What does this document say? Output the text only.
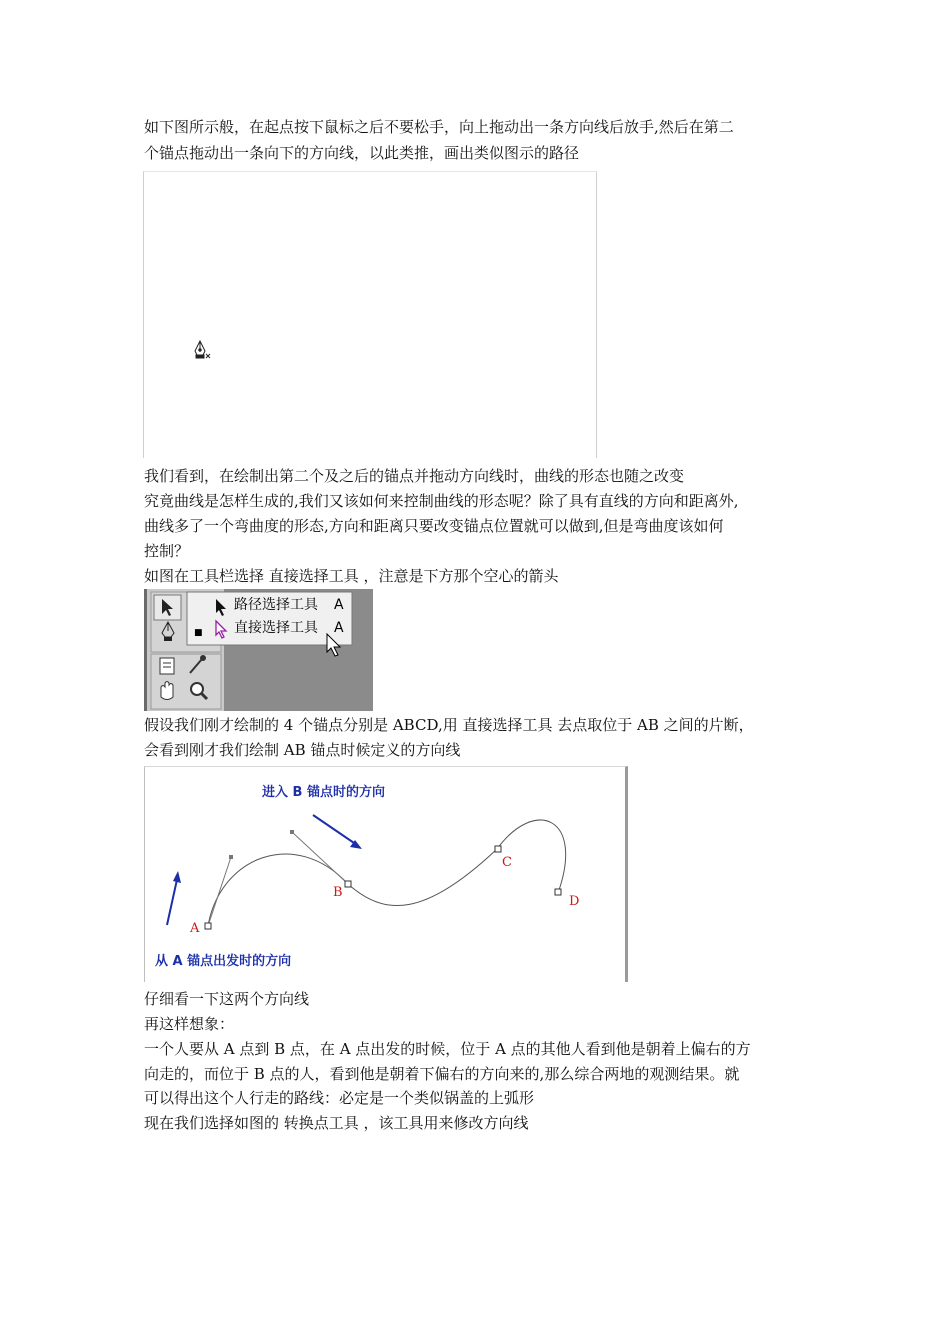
如下图所示般，在起点按下鼠标之后不要松手，向上拖动出一条方向线后放手,然后在第二
个锚点拖动出一条向下的方向线，以此类推，画出类似图示的路径
我们看到，在绘制出第二个及之后的锚点并拖动方向线时，曲线的形态也随之改变
究竟曲线是怎样生成的,我们又该如何来控制曲线的形态呢？除了具有直线的方向和距离外,
曲线多了一个弯曲度的形态,方向和距离只要改变锚点位置就可以做到,但是弯曲度该如何
控制？
如图在工具栏选择 直接选择工具 ，注意是下方那个空心的箭头
路径选择工具 A
■ 直接选择工具 A
假设我们刚才绘制的 4 个锚点分别是 ABCD,用 直接选择工具 去点取位于 AB 之间的片断，
会看到刚才我们绘制 AB 锚点时候定义的方向线
A
B
C
D
进入 B 锚点时的方向
从 A 锚点出发时的方向
仔细看一下这两个方向线
再这样想象：
一个人要从 A 点到 B 点，在 A 点出发的时候，位于 A 点的其他人看到他是朝着上偏右的方
向走的，而位于 B 点的人，看到他是朝着下偏右的方向来的,那么综合两地的观测结果。就
可以得出这个人行走的路线：必定是一个类似锅盖的上弧形
现在我们选择如图的 转换点工具 ，该工具用来修改方向线
